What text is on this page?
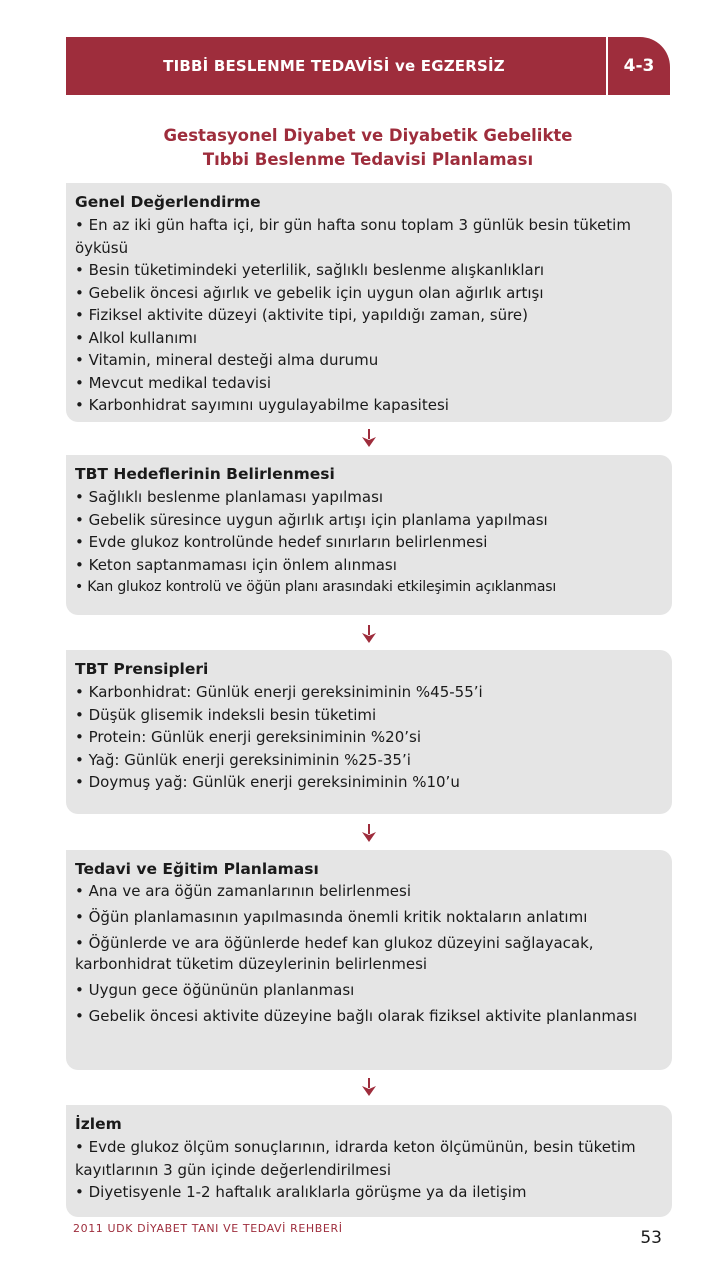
TIBBİ BESLENME TEDAVİSİ ve EGZERSİZ	4-3
Gestasyonel Diyabet ve Diyabetik Gebelikte
Tıbbi Beslenme Tedavisi Planlaması
Genel Değerlendirme
• En az iki gün hafta içi, bir gün hafta sonu toplam 3 günlük besin tüketim öyküsü
• Besin tüketimindeki yeterlilik, sağlıklı beslenme alışkanlıkları
• Gebelik öncesi ağırlık ve gebelik için uygun olan ağırlık artışı
• Fiziksel aktivite düzeyi (aktivite tipi, yapıldığı zaman, süre)
• Alkol kullanımı
• Vitamin, mineral desteği alma durumu
• Mevcut medikal tedavisi
• Karbonhidrat sayımını uygulayabilme kapasitesi
TBT Hedeflerinin Belirlenmesi
• Sağlıklı beslenme planlaması yapılması
• Gebelik süresince uygun ağırlık artışı için planlama yapılması
• Evde glukoz kontrolünde hedef sınırların belirlenmesi
• Keton saptanmaması için önlem alınması
• Kan glukoz kontrolü ve öğün planı arasındaki etkileşimin açıklanması
TBT Prensipleri
• Karbonhidrat: Günlük enerji gereksiniminin %45-55’i
• Düşük glisemik indeksli besin tüketimi
• Protein: Günlük enerji gereksiniminin %20’si
• Yağ: Günlük enerji gereksiniminin %25-35’i
• Doymuş yağ: Günlük enerji gereksiniminin %10’u
Tedavi ve Eğitim Planlaması
• Ana ve ara öğün zamanlarının belirlenmesi
• Öğün planlamasının yapılmasında önemli kritik noktaların anlatımı
• Öğünlerde ve ara öğünlerde hedef kan glukoz düzeyini sağlayacak, karbonhidrat tüketim düzeylerinin belirlenmesi
• Uygun gece öğününün planlanması
• Gebelik öncesi aktivite düzeyine bağlı olarak fiziksel aktivite planlanması
İzlem
• Evde glukoz ölçüm sonuçlarının, idrarda keton ölçümünün, besin tüketim kayıtlarının 3 gün içinde değerlendirilmesi
• Diyetisyenle 1-2 haftalık aralıklarla görüşme ya da iletişim
2011 UDK DİYABET TANI VE TEDAVİ REHBERİ	53
